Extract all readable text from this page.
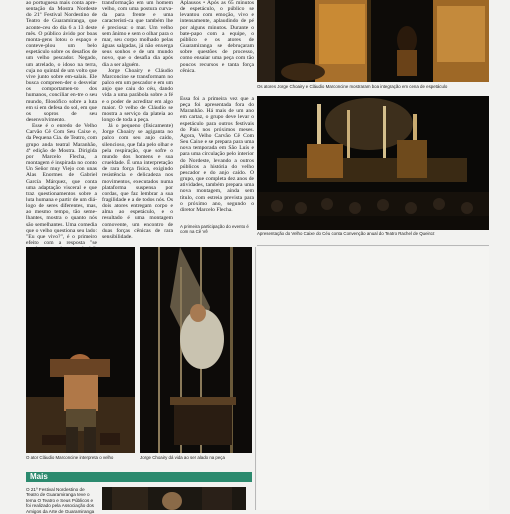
ao portuguesa mais conta apre-sentação da Mostra Nordeste do 21º Festival Nordestino de Teatro de Guaramiranga, que aconte-ceu do dia 6 a 13 deste mês. O público ávido por boas monta-gens lotou o espaço e conteve-plou um belo espetáculo sobre os desafios de um velho pescador. Negado, um atrelado, o idoso na terra, cuja no quintal de um volto que vive junto sobre em-salais. Ele busca compreen-der o desvelar os comportamen-to dos humanos, conciliar en-tre o seu mundo, filosófico sobre a luta em si em defesa do sol, em que os sopros de seu desenvolvimento.

Esse é o enredo de Velho Carvão Cê Com Seu Caixe e, da Pequena Cia. de Teatro, com grupo anda teatral Maranhão, 4ª edição de Mostra. Dirigida por Marcelo Flecha, a montagem é inspirada no conto Un Señor muy Viejo con unas Alas Enormes de Gabriel García Márquez, que conta uma adaptação visceral e que traz questionamentos sobre a luta humana e partir de um diá-logo de seres diferentes, mas, ao mesmo tempo, tão seme-lhantes, mostra o quanto nós são semelhantes. Uma comedia que o velho questiona seu lado: "Eu que vivo?", é o primeiro efeito com a resposta "se

transformação em um homem velho, com uma postura curva-da para frente e uma característi-ca que também lhe é preciosa: o mar. Um velho sem ânimo e sem o olhar para o mar, seu corpo molhado pelas águas salgadas, já não enxerga seus sonhos e de um mundo novo, que o desafia dia após dia a ser alguém.

Jorge Choairy e Cláudio Marconcine se transformam no palco em um pescador e em um anjo que caiu do céu, dando vida a uma parábola sobre a fé e o poder de acreditar em algo maior. O velho de Cláudio se mostra a serviço da plateia ao longo de toda a peça.

Já o pequeno (fisicamente) Jorge Choairy se agiganta no palco com seu anjo caído, silencioso, que fala pelo olhar e pela respiração, que sofre o mundo dos homens e sua crueldade. É uma interpretação de rara força física, exigindo resistência e delicadeza nos movimentos, executados numa plataforma suspensa por cordas, que faz lembrar a sua fragilidade e a de todos nós. Os dois atores entregam corpo e alma ao espetáculo, e o resultado é uma montagem comovente, um encontro de duas forças cênicas de rara sensibilidade.

Aplausos • Após as 65 minutos de espetáculo, o público se levantou com emoção, vivo e intensamente, aplaudindo de pé por alguns minutos. Durante o bate-papo com a equipe, o público e os atores de Guaramiranga se debruçaram sobre questões de processo, como ensaiar uma peça com tão poucos recursos e tanta força cênica.

Essa foi a primeira vez que a peça foi apresentada fora do Maranhão. Há mais de um ano em cartaz, o grupo deve levar o espetáculo para outros festivais do País nos próximos meses. Agora, Velho Carvão Cê Com Seu Caixe e se prepara para uma nova temporada em São Luís e para uma circulação pelo interior do Nordeste, levando a outros públicos a história do velho pescador e do anjo caído. O grupo, que completa dez anos de atividades, também prepara uma nova montagem, ainda sem título, com estreia prevista para o próximo ano, segundo o diretor Marcelo Flecha.

Os atores Jorge Choairy e Cláudio Marconcine mostraram boa integração em cena de espetáculo
A primeira participação do evento é com na Cê Vê	Apresentação do Velho Caixe do Céu conta Convenção anual do Teatro Rachel de Queiroz
O ator Cláudio Marconcine interpreta o velho	Jorge Choairy dá vida ao ser alado na peça
Mais
O 21º Festival Nordestino de Teatro de Guaramiranga teve o tema O Teatro e Seus Públicos e foi realizado pela Associação dos Amigos da Arte de Guaramiranga
